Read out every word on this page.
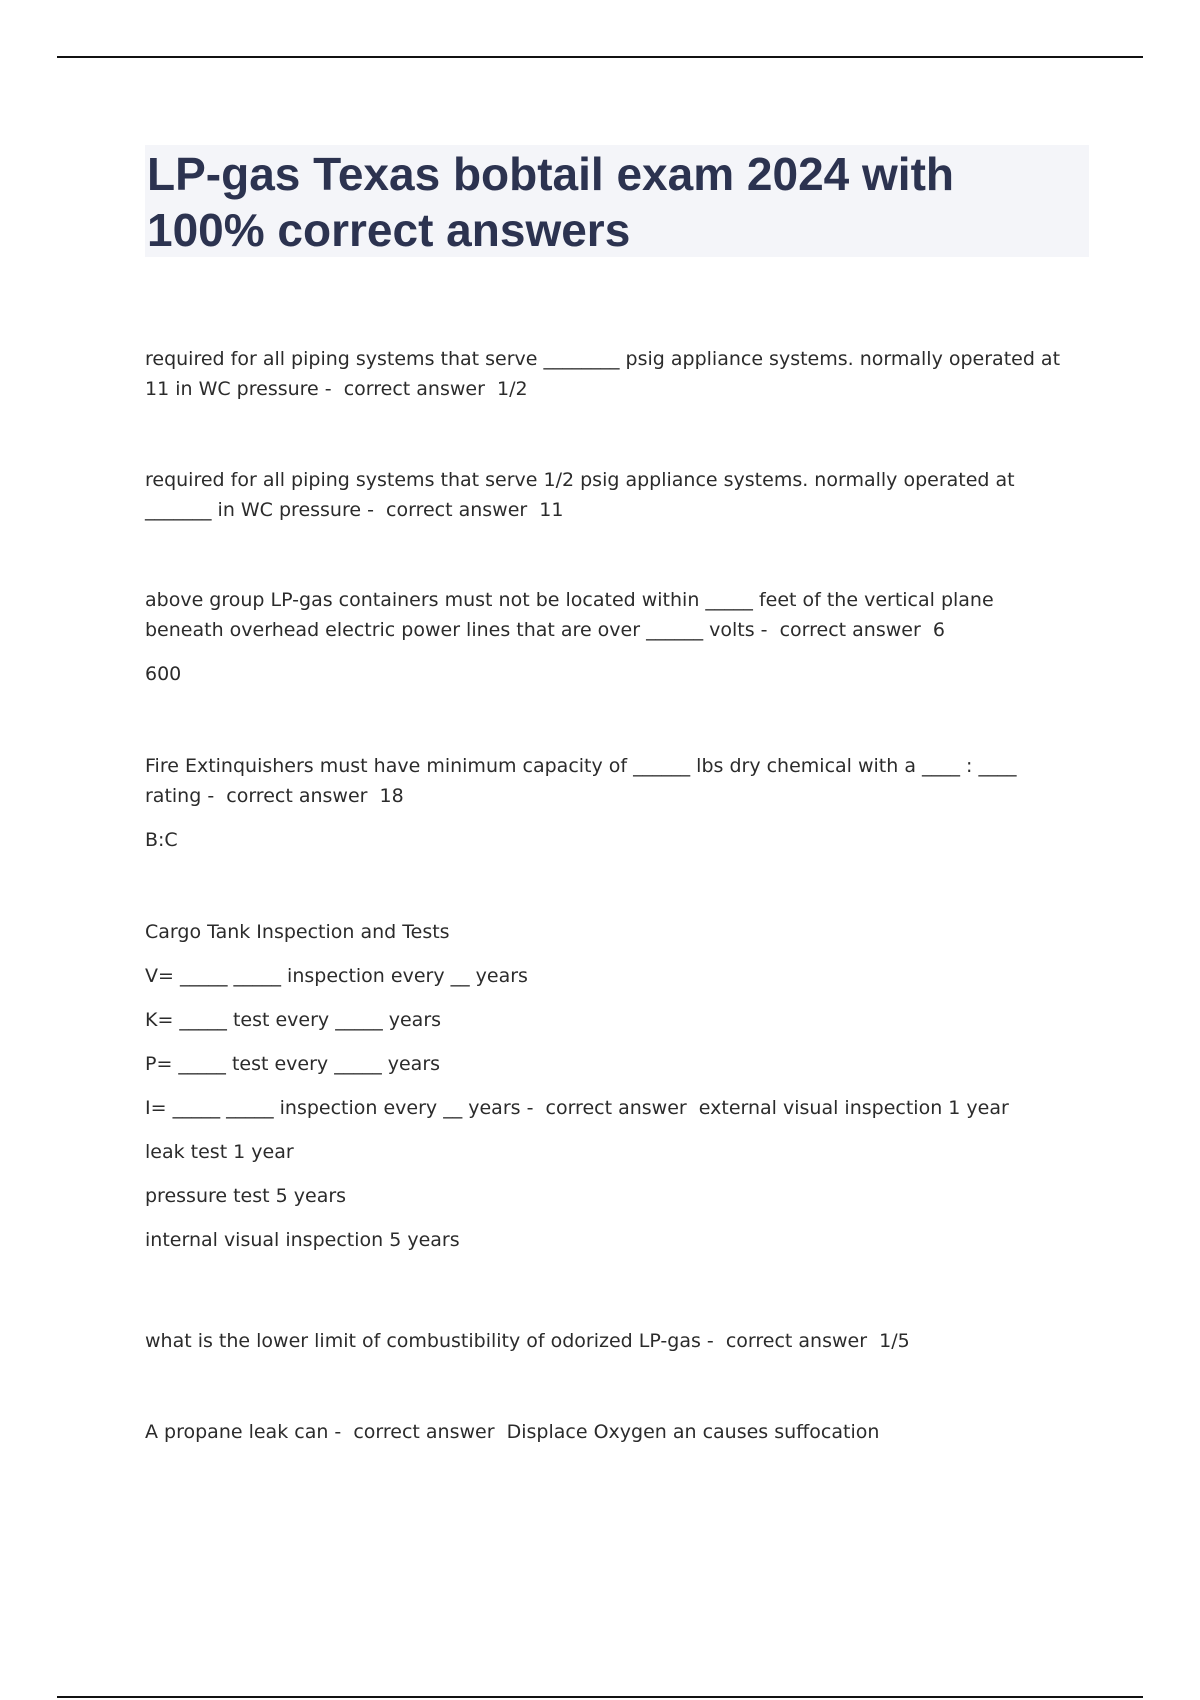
LP-gas Texas bobtail exam 2024 with 100% correct answers
required for all piping systems that serve ________ psig appliance systems. normally operated at 11 in WC pressure -  correct answer  1/2
required for all piping systems that serve 1/2 psig appliance systems. normally operated at _______ in WC pressure -  correct answer  11
above group LP-gas containers must not be located within _____ feet of the vertical plane beneath overhead electric power lines that are over ______ volts -  correct answer  6
600
Fire Extinquishers must have minimum capacity of ______ lbs dry chemical with a ____ : ____ rating -  correct answer  18
B:C
Cargo Tank Inspection and Tests
V= _____ _____ inspection every __ years
K= _____ test every _____ years
P= _____ test every _____ years
I= _____ _____ inspection every __ years -  correct answer  external visual inspection 1 year
leak test 1 year
pressure test 5 years
internal visual inspection 5 years
what is the lower limit of combustibility of odorized LP-gas -  correct answer  1/5
A propane leak can -  correct answer  Displace Oxygen an causes suffocation
